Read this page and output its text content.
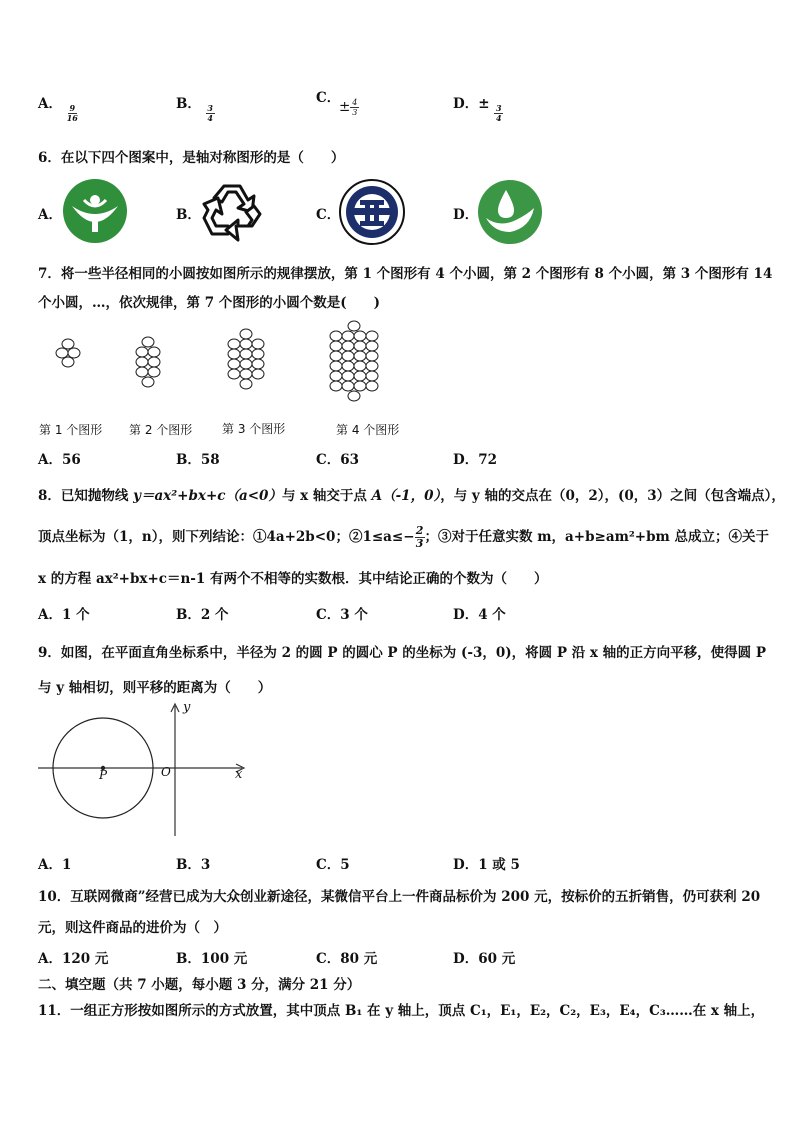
A． $\frac{9}{16}$	B． $\frac{3}{4}$
C．
± $\frac{4}{3}$	D．± $\frac{3}{4}$
6．在以下四个图案中，是轴对称图形的是（　　）
A．	B．	C．	D．
7．将一些半径相同的小圆按如图所示的规律摆放，第 1 个图形有 4 个小圆，第 2 个图形有 8 个小圆，第 3 个图形有 14
个小圆，…，依次规律，第 7 个图形的小圆个数是(　　)
第 1 个图形 第 2 个图形 第 3 个图形	第 4 个图形
A．56	B．58	C．63	D．72
8．已知抛物线 y＝ax²+bx+c（a<0）与 x 轴交于点 A（-1，0），与 y 轴的交点在（0，2），(0，3）之间（包含端点），
顶点坐标为（1，n），则下列结论：①4a+2b<0；②1≤a≤− $\frac{2}{3}$ ；③对于任意实数 m，a+b≥am²+bm 总成立；④关于
x 的方程 ax²+bx+c＝n-1 有两个不相等的实数根．其中结论正确的个数为（　　）
A．1 个	B．2 个	C．3 个	D．4 个
9．如图，在平面直角坐标系中，半径为 2 的圆 P 的圆心 P 的坐标为 (-3，0)，将圆 P 沿 x 轴的正方向平移，使得圆 P
与 y 轴相切，则平移的距离为（　　）
y
x
O
P
A．1	B．3	C．5	D．1 或 5
10．互联网微商”经营已成为大众创业新途径，某微信平台上一件商品标价为 200 元，按标价的五折销售，仍可获利 20
元，则这件商品的进价为（　）
A．120 元	B．100 元	C．80 元	D．60 元
二、填空题（共 7 小题，每小题 3 分，满分 21 分）
11．一组正方形按如图所示的方式放置，其中顶点 B₁ 在 y 轴上，顶点 C₁，E₁，E₂，C₂，E₃，E₄，C₃……在 x 轴上，
